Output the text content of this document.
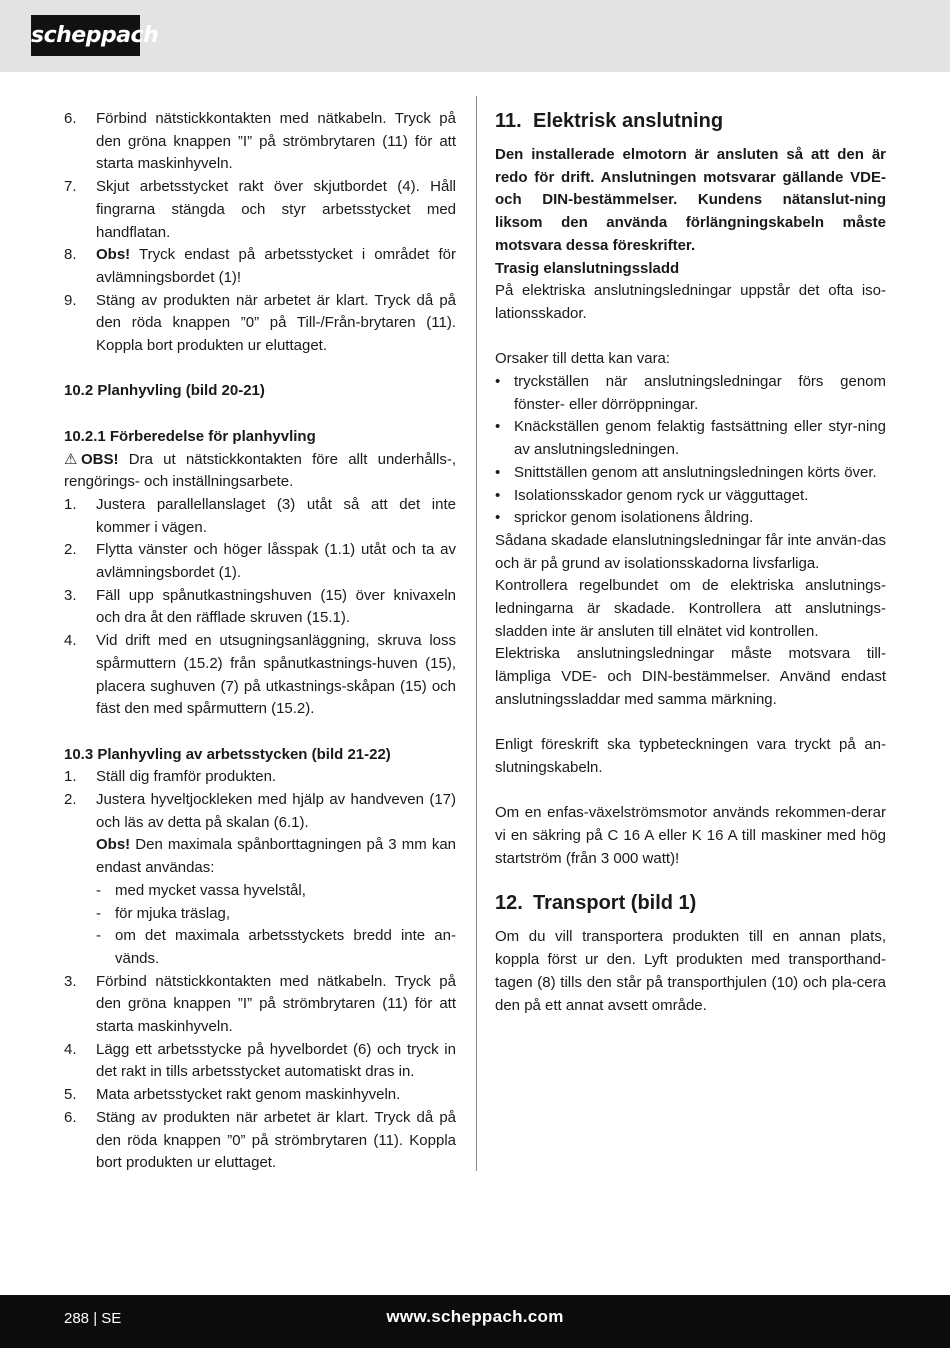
scheppach
6.	Förbind nätstickkontakten med nätkabeln. Tryck på den gröna knappen ”I” på strömbrytaren (11) för att starta maskinhyveln.
7.	Skjut arbetsstycket rakt över skjutbordet (4). Håll fingrarna stängda och styr arbetsstycket med handflatan.
8.	Obs! Tryck endast på arbetsstycket i området för avlämningsbordet (1)!
9.	Stäng av produkten när arbetet är klart. Tryck då på den röda knappen ”0” på Till-/Från-brytaren (11). Koppla bort produkten ur eluttaget.

10.2 Planhyvling (bild 20-21)

10.2.1 Förberedelse för planhyvling

⚠ OBS! Dra ut nätstickkontakten före allt underhålls-, rengörings- och inställningsarbete.

1.	Justera parallellanslaget (3) utåt så att det inte kommer i vägen.
2.	Flytta vänster och höger låsspak (1.1) utåt och ta av avlämningsbordet (1).
3.	Fäll upp spånutkastningshuven (15) över knivaxeln och dra åt den räfflade skruven (15.1).
4.	Vid drift med en utsugningsanläggning, skruva loss spårmuttern (15.2) från spånutkastnings-huven (15), placera sughuven (7) på utkastnings-skåpan (15) och fäst den med spårmuttern (15.2).

10.3 Planhyvling av arbetsstycken (bild 21-22)

1.	Ställ dig framför produkten.
2.	Justera hyveltjockleken med hjälp av handveven (17) och läs av detta på skalan (6.1).

Obs! Den maximala spånborttagningen på 3 mm kan endast användas:

- med mycket vassa hyvelstål,
- för mjuka träslag,
- om det maximala arbetsstyckets bredd inte an-vänds.
3.	Förbind nätstickkontakten med nätkabeln. Tryck på den gröna knappen ”I” på strömbrytaren (11) för att starta maskinhyveln.
4.	Lägg ett arbetsstycke på hyvelbordet (6) och tryck in det rakt in tills arbetsstycket automatiskt dras in.
5.	Mata arbetsstycket rakt genom maskinhyveln.
6.	Stäng av produkten när arbetet är klart. Tryck då på den röda knappen ”0” på strömbrytaren (11). Koppla bort produkten ur eluttaget.
11. Elektrisk anslutning

Den installerade elmotorn är ansluten så att den är redo för drift. Anslutningen motsvarar gällande VDE- och DIN-bestämmelser. Kundens nätanslut-ning liksom den använda förlängningskabeln måste motsvara dessa föreskrifter.

Trasig elanslutningssladd

På elektriska anslutningsledningar uppstår det ofta iso-lationsskador.

Orsaker till detta kan vara:

• tryckställen när anslutningsledningar förs genom fönster- eller dörröppningar.
• Knäckställen genom felaktig fastsättning eller styr-ning av anslutningsledningen.
• Snittställen genom att anslutningsledningen körts över.
• Isolationsskador genom ryck ur vägguttaget.
• sprickor genom isolationens åldring.

Sådana skadade elanslutningsledningar får inte använ-das och är på grund av isolationsskadorna livsfarliga.

Kontrollera regelbundet om de elektriska anslutnings-ledningarna är skadade. Kontrollera att anslutnings-sladden inte är ansluten till elnätet vid kontrollen.

Elektriska anslutningsledningar måste motsvara till-lämpliga VDE- och DIN-bestämmelser. Använd endast anslutningssladdar med samma märkning.

Enligt föreskrift ska typbeteckningen vara tryckt på an-slutningskabeln.

Om en enfas-växelströmsmotor används rekommen-derar vi en säkring på C 16 A eller K 16 A till maskiner med hög startström (från 3 000 watt)!

12. Transport (bild 1)

Om du vill transportera produkten till en annan plats, koppla först ur den. Lyft produkten med transporthand-tagen (8) tills den står på transporthjulen (10) och pla-cera den på ett annat avsett område.

288 | SE	www.scheppach.com
